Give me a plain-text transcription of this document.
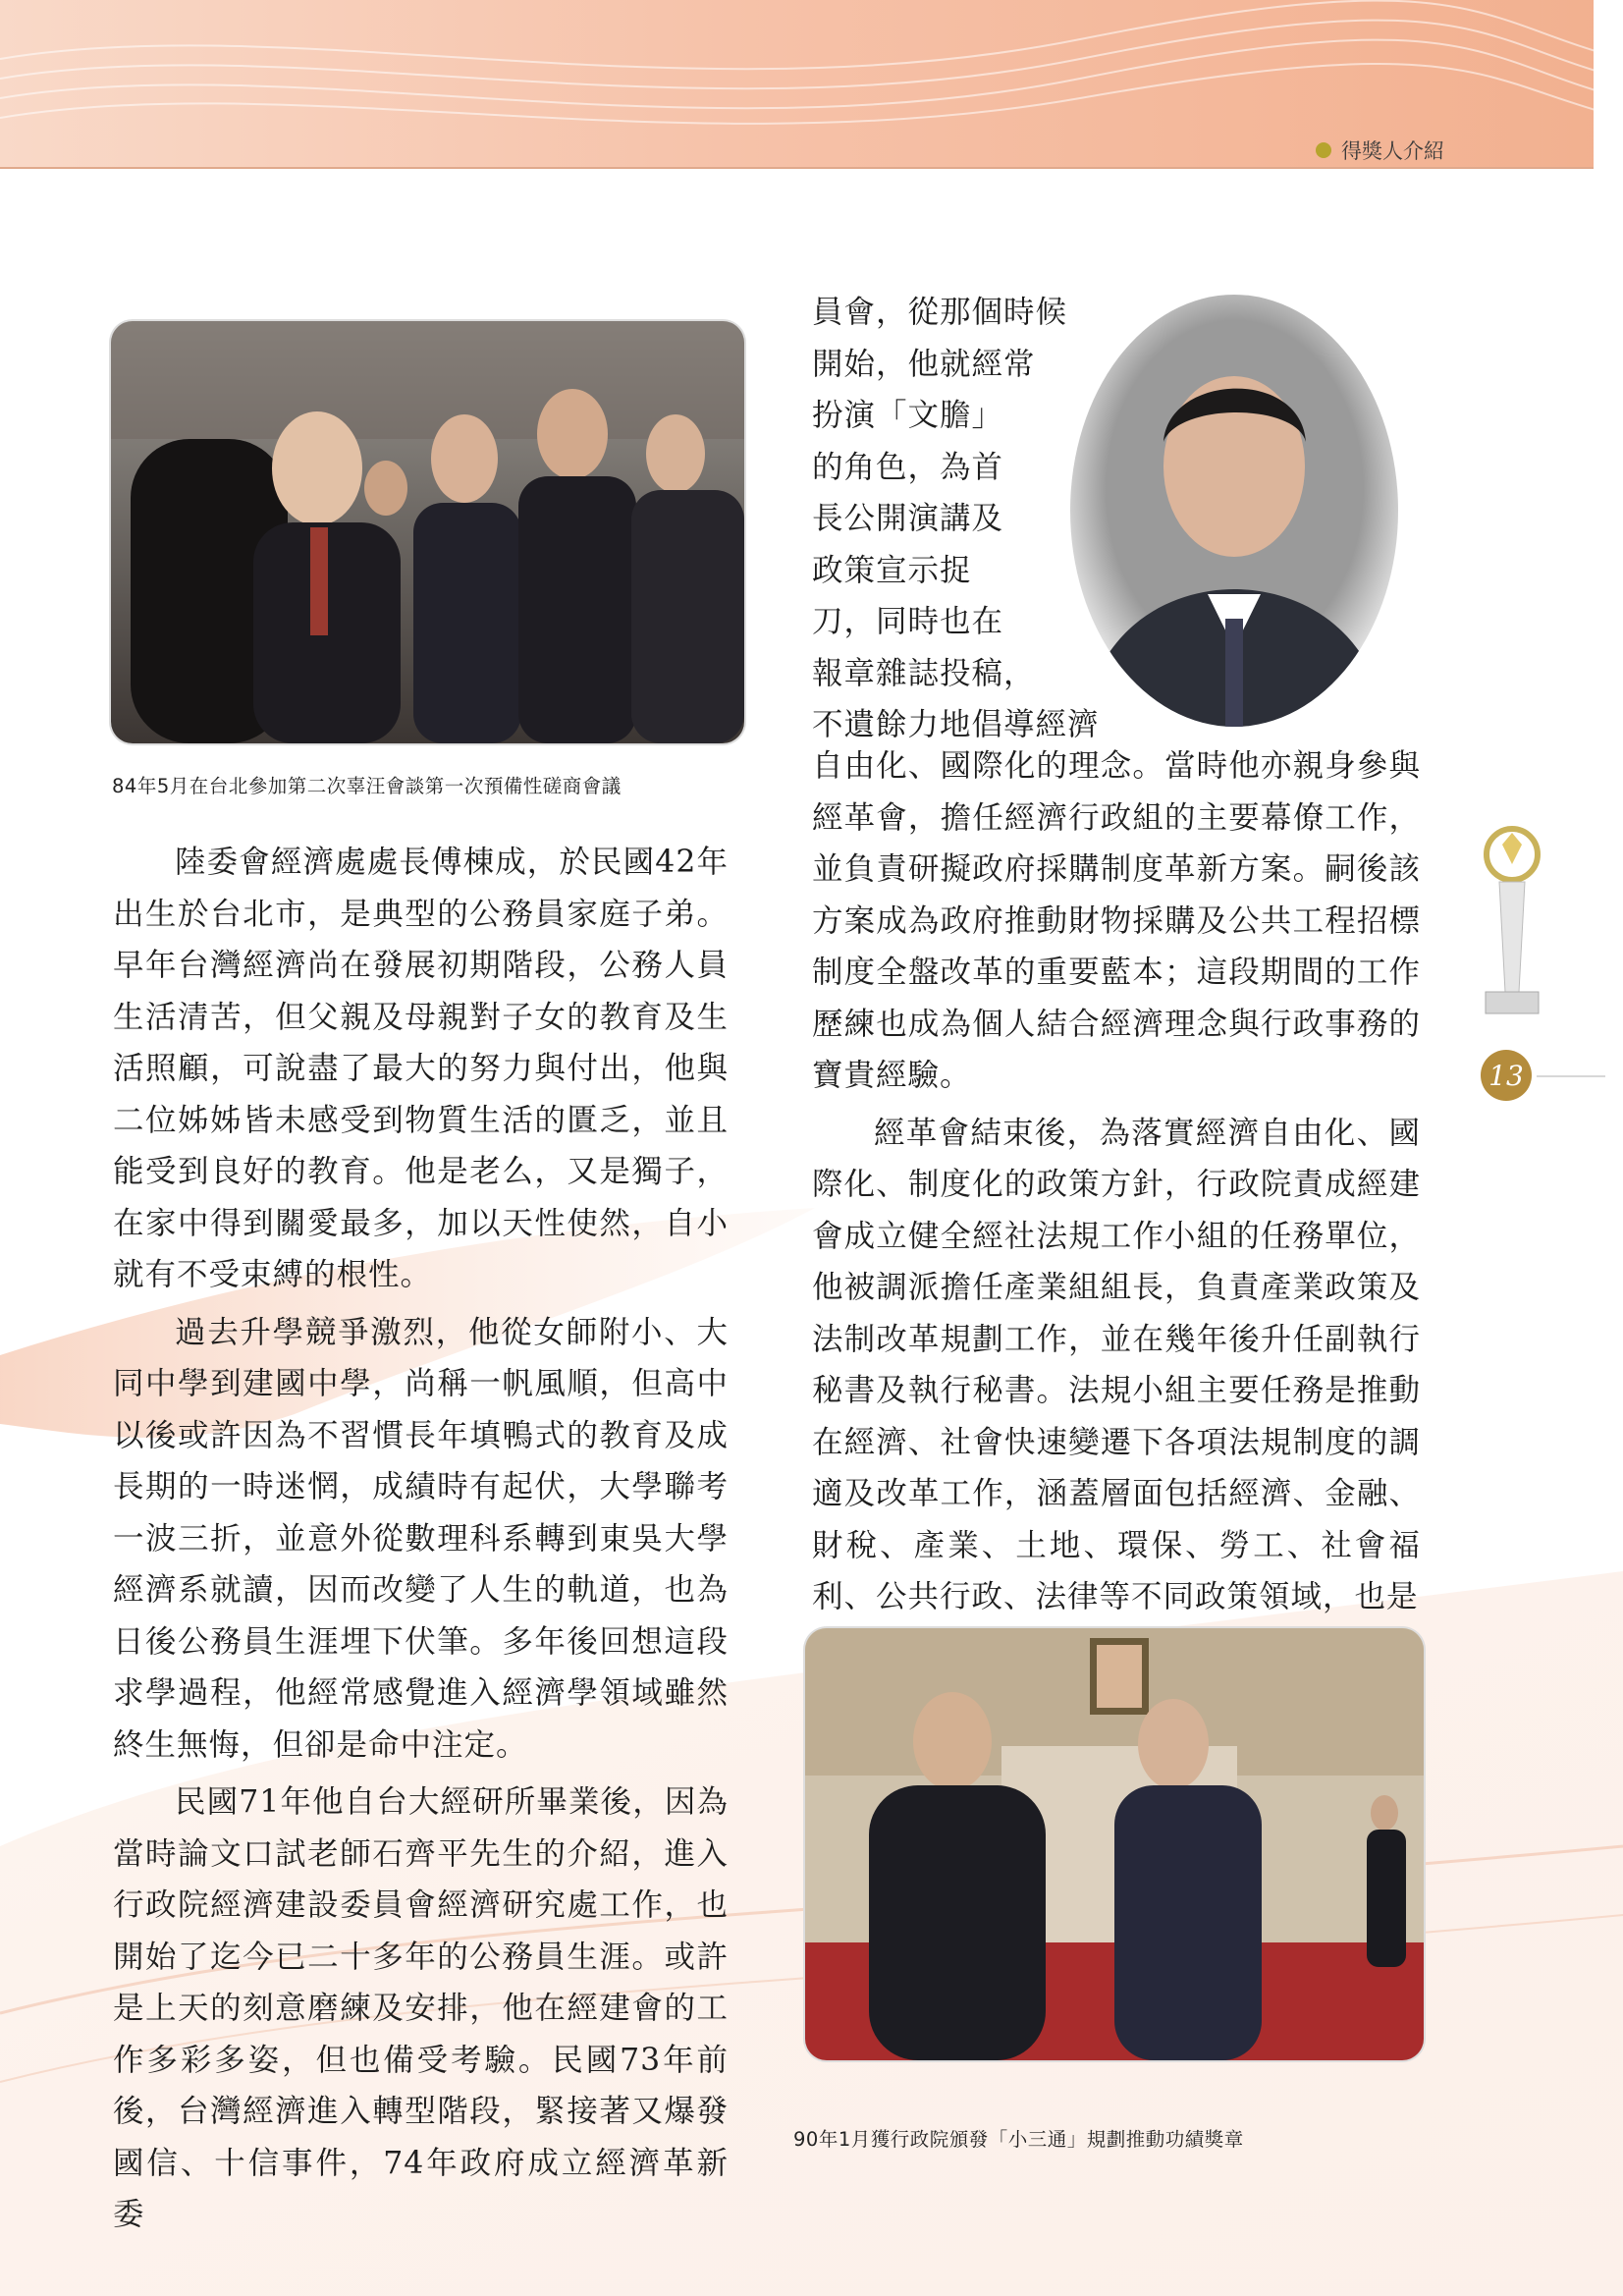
得獎人介紹
84年5月在台北參加第二次辜汪會談第一次預備性磋商會議
90年1月獲行政院頒發「小三通」規劃推動功績獎章
13

陸委會經濟處處長傅棟成，於民國42年出生於台北市，是典型的公務員家庭子弟。早年台灣經濟尚在發展初期階段，公務人員生活清苦，但父親及母親對子女的教育及生活照顧，可說盡了最大的努力與付出，他與二位姊姊皆未感受到物質生活的匱乏，並且能受到良好的教育。他是老么，又是獨子，在家中得到關愛最多，加以天性使然，自小就有不受束縛的根性。

過去升學競爭激烈，他從女師附小、大同中學到建國中學，尚稱一帆風順，但高中以後或許因為不習慣長年填鴨式的教育及成長期的一時迷惘，成績時有起伏，大學聯考一波三折，並意外從數理科系轉到東吳大學經濟系就讀，因而改變了人生的軌道，也為日後公務員生涯埋下伏筆。多年後回想這段求學過程，他經常感覺進入經濟學領域雖然終生無悔，但卻是命中注定。

民國71年他自台大經研所畢業後，因為當時論文口試老師石齊平先生的介紹，進入行政院經濟建設委員會經濟研究處工作，也開始了迄今已二十多年的公務員生涯。或許是上天的刻意磨練及安排，他在經建會的工作多彩多姿，但也備受考驗。民國73年前後，台灣經濟進入轉型階段，緊接著又爆發國信、十信事件，74年政府成立經濟革新委

員會，從那個時候
開始，他就經常
扮演「文膽」
的角色，為首
長公開演講及
政策宣示捉
刀，同時也在
報章雜誌投稿，
不遺餘力地倡導經濟

自由化、國際化的理念。當時他亦親身參與經革會，擔任經濟行政組的主要幕僚工作，並負責研擬政府採購制度革新方案。嗣後該方案成為政府推動財物採購及公共工程招標制度全盤改革的重要藍本；這段期間的工作歷練也成為個人結合經濟理念與行政事務的寶貴經驗。

經革會結束後，為落實經濟自由化、國際化、制度化的政策方針，行政院責成經建會成立健全經社法規工作小組的任務單位，他被調派擔任產業組組長，負責產業政策及法制改革規劃工作，並在幾年後升任副執行秘書及執行秘書。法規小組主要任務是推動在經濟、社會快速變遷下各項法規制度的調適及改革工作，涵蓋層面包括經濟、金融、財稅、產業、土地、環保、勞工、社會福利、公共行政、法律等不同政策領域，也是
